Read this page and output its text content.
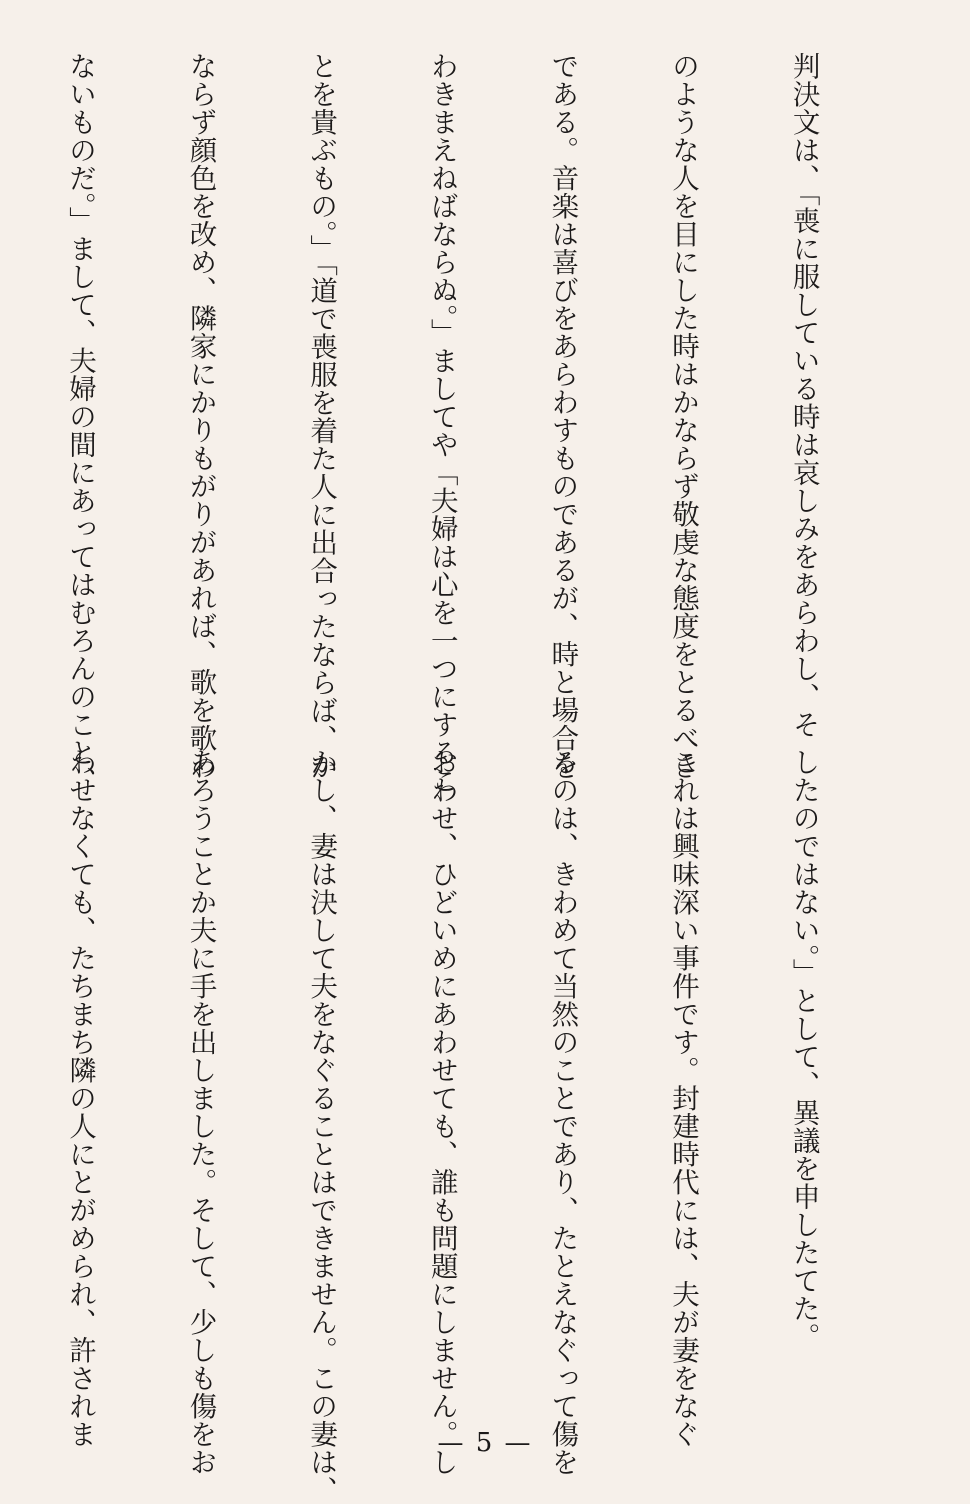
判決文は、「喪に服している時は哀しみをあらわし、そ

のような人を目にした時はかならず敬虔な態度をとるべき

である。音楽は喜びをあらわすものであるが、時と場合を

わきまえねばならぬ。」ましてや「夫婦は心を一つにするこ

とを貴ぶもの。」「道で喪服を着た人に出合ったならば、か

ならず顔色を改め、隣家にかりもがりがあれば、歌を歌わ

ないものだ。」まして、夫婦の間にあってはむろんのこと、

したのではない。」として、異議を申したてた。

これは興味深い事件です。封建時代には、夫が妻をなぐ

るのは、きわめて当然のことであり、たとえなぐって傷を

おわせ、ひどいめにあわせても、誰も問題にしません。し

かし、妻は決して夫をなぐることはできません。この妻は、

あろうことか夫に手を出しました。そして、少しも傷をお

わせなくても、たちまち隣の人にとがめられ、許されま

	— 5 —
